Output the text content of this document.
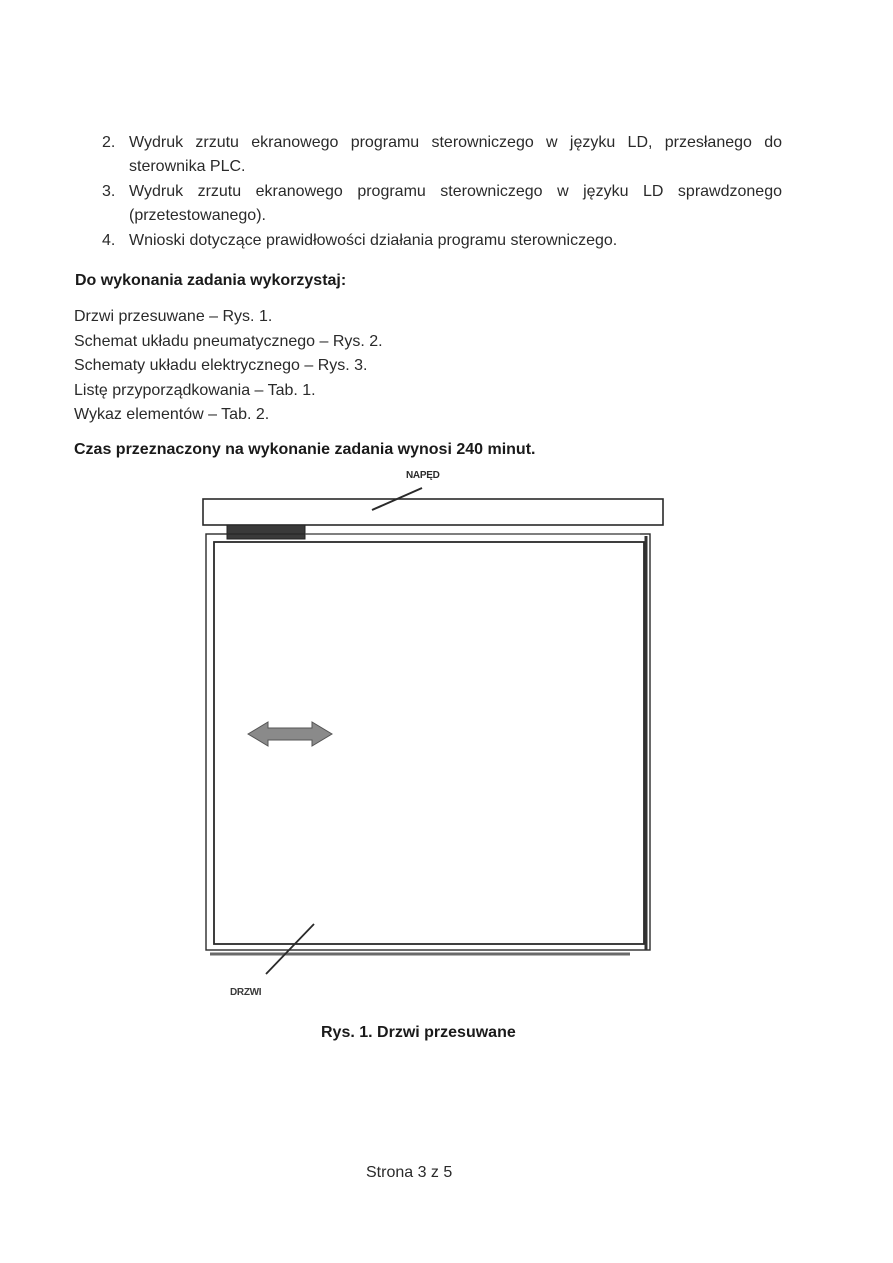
2. Wydruk zrzutu ekranowego programu sterowniczego w języku LD, przesłanego do sterownika PLC.
3. Wydruk zrzutu ekranowego programu sterowniczego w języku LD sprawdzonego (przetestowanego).
4. Wnioski dotyczące prawidłowości działania programu sterowniczego.
Do wykonania zadania wykorzystaj:
Drzwi przesuwane – Rys. 1.
Schemat układu pneumatycznego – Rys. 2.
Schematy układu elektrycznego – Rys. 3.
Listę przyporządkowania – Tab. 1.
Wykaz elementów – Tab. 2.

Czas przeznaczony na wykonanie zadania wynosi 240 minut.

NAPĘD
DRZWI

Rys. 1. Drzwi przesuwane

Strona 3 z 5
